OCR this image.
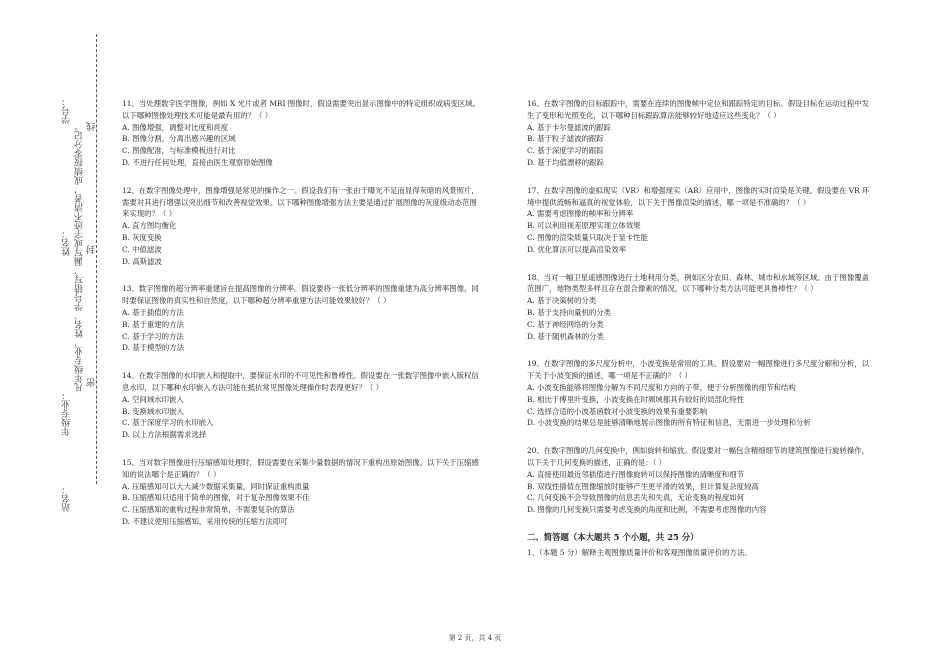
站名：
年级专业：
封
姓名：
学号：
密
凡年级专业、姓名、学号错写、漏写或字迹不清者，成绩按零分记。 线

11、当处理数字医学图像，例如 X 光片或者 MRI 图像时，假设需要突出显示图像中的特定组织或病变区域。以下哪种图像处理技术可能是最有用的？（ ）

A. 图像增强，调整对比度和亮度

B. 图像分割，分离出感兴趣的区域

C. 图像配准，与标准模板进行对比

D. 不进行任何处理，直接由医生观察原始图像

12、在数字图像处理中，图像增强是常见的操作之一。假设我们有一张由于曝光不足而显得灰暗的风景照片，需要对其进行增强以突出细节和改善视觉效果。以下哪种图像增强方法主要是通过扩展图像的灰度级动态范围来实现的？（ ）

A. 直方图均衡化

B. 灰度变换

C. 中值滤波

D. 高斯滤波

13、数字图像的超分辨率重建旨在提高图像的分辨率。假设要将一张低分辨率的图像重建为高分辨率图像，同时要保证图像的真实性和自然度，以下哪种超分辨率重建方法可能效果较好？（ ）

A. 基于插值的方法

B. 基于重建的方法

C. 基于学习的方法

D. 基于模型的方法

14、在数字图像的水印嵌入和提取中，要保证水印的不可见性和鲁棒性。假设要在一张数字图像中嵌入版权信息水印，以下哪种水印嵌入方法可能在抵抗常见图像处理操作时表现更好？（ ）

A. 空间域水印嵌入

B. 变换域水印嵌入

C. 基于深度学习的水印嵌入

D. 以上方法根据需求选择

15、当对数字图像进行压缩感知处理时，假设需要在采集少量数据的情况下重构出原始图像。以下关于压缩感知的说法哪个是正确的？（ ）

A. 压缩感知可以大大减少数据采集量，同时保证重构质量

B. 压缩感知只适用于简单的图像，对于复杂图像效果不佳

C. 压缩感知的重构过程非常简单，不需要复杂的算法

D. 不建议使用压缩感知，采用传统的压缩方法即可

16、在数字图像的目标跟踪中，需要在连续的图像帧中定位和跟踪特定的目标。假设目标在运动过程中发生了变形和光照变化，以下哪种目标跟踪算法能够较好地适应这些变化？（ ）

A. 基于卡尔曼滤波的跟踪

B. 基于粒子滤波的跟踪

C. 基于深度学习的跟踪

D. 基于均值漂移的跟踪

17、在数字图像的虚拟现实（VR）和增强现实（AR）应用中，图像的实时渲染是关键。假设要在 VR 环境中提供流畅和逼真的视觉体验，以下关于图像渲染的描述，哪一项是不准确的？（ ）

A. 需要考虑图像的帧率和分辨率

B. 可以利用视差原理实现立体效果

C. 图像的渲染质量只取决于显卡性能

D. 优化算法可以提高渲染效率

18、当对一幅卫星遥感图像进行土地利用分类，例如区分农田、森林、城市和水域等区域。由于图像覆盖范围广，地物类型多样且存在混合像素的情况，以下哪种分类方法可能更具鲁棒性？（ ）

A. 基于决策树的分类

B. 基于支持向量机的分类

C. 基于神经网络的分类

D. 基于随机森林的分类

19、在数字图像的多尺度分析中，小波变换是常用的工具。假设要对一幅图像进行多尺度分解和分析，以下关于小波变换的描述，哪一项是不正确的？（ ）

A. 小波变换能够将图像分解为不同尺度和方向的子带，便于分析图像的细节和结构

B. 相比于傅里叶变换，小波变换在时频域都具有较好的局部化特性

C. 选择合适的小波基函数对小波变换的效果有重要影响

D. 小波变换的结果总是能够清晰地展示图像的所有特征和信息，无需进一步处理和分析

20、在数字图像的几何变换中，例如旋转和缩放。假设要对一幅包含精细细节的建筑图像进行旋转操作，以下关于几何变换的描述，正确的是：（ ）

A. 直接使用最近邻插值进行图像旋转可以保持图像的清晰度和细节

B. 双线性插值在图像缩放时能够产生更平滑的效果，但计算复杂度较高

C. 几何变换不会导致图像的信息丢失和失真，无论变换的程度如何

D. 图像的几何变换只需要考虑变换的角度和比例，不需要考虑图像的内容

二、简答题（本大题共 5 个小题，共 25 分）

1、（本题 5 分）解释主观图像质量评价和客观图像质量评价的方法。

第 2 页，共 4 页
